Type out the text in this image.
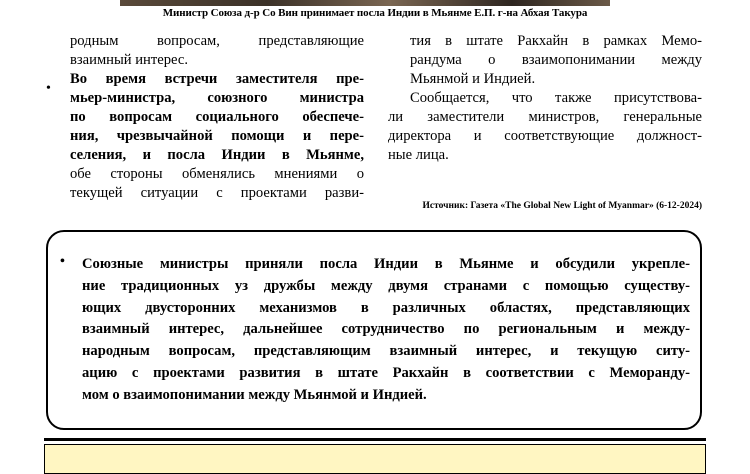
Министр Союза д-р Со Вин принимает посла Индии в Мьянме Е.П. г-на Абхая Такура
родным вопросам, представляющие
взаимный интерес.
•
Во время встречи заместителя пре-
мьер-министра, союзного министра
по вопросам социального обеспече-
ния, чрезвычайной помощи и пере-
селения, и посла Индии в Мьянме,
обе стороны обменялись мнениями о
текущей ситуации с проектами разви-
тия в штате Ракхайн в рамках Мемо-
рандума о взаимопонимании между
Мьянмой и Индией.
Сообщается, что также присутствова-
ли заместители министров, генеральные
директора и соответствующие должност-
ные лица.
Источник: Газета «The Global New Light of Myanmar» (6-12-2024)
• Союзные министры приняли посла Индии в Мьянме и обсудили укрепле-
ние традиционных уз дружбы между двумя странами с помощью существу-
ющих двусторонних механизмов в различных областях, представляющих
взаимный интерес, дальнейшее сотрудничество по региональным и между-
народным вопросам, представляющим взаимный интерес, и текущую ситу-
ацию с проектами развития в штате Ракхайн в соответствии с Меморанду-
мом о взаимопонимании между Мьянмой и Индией.
